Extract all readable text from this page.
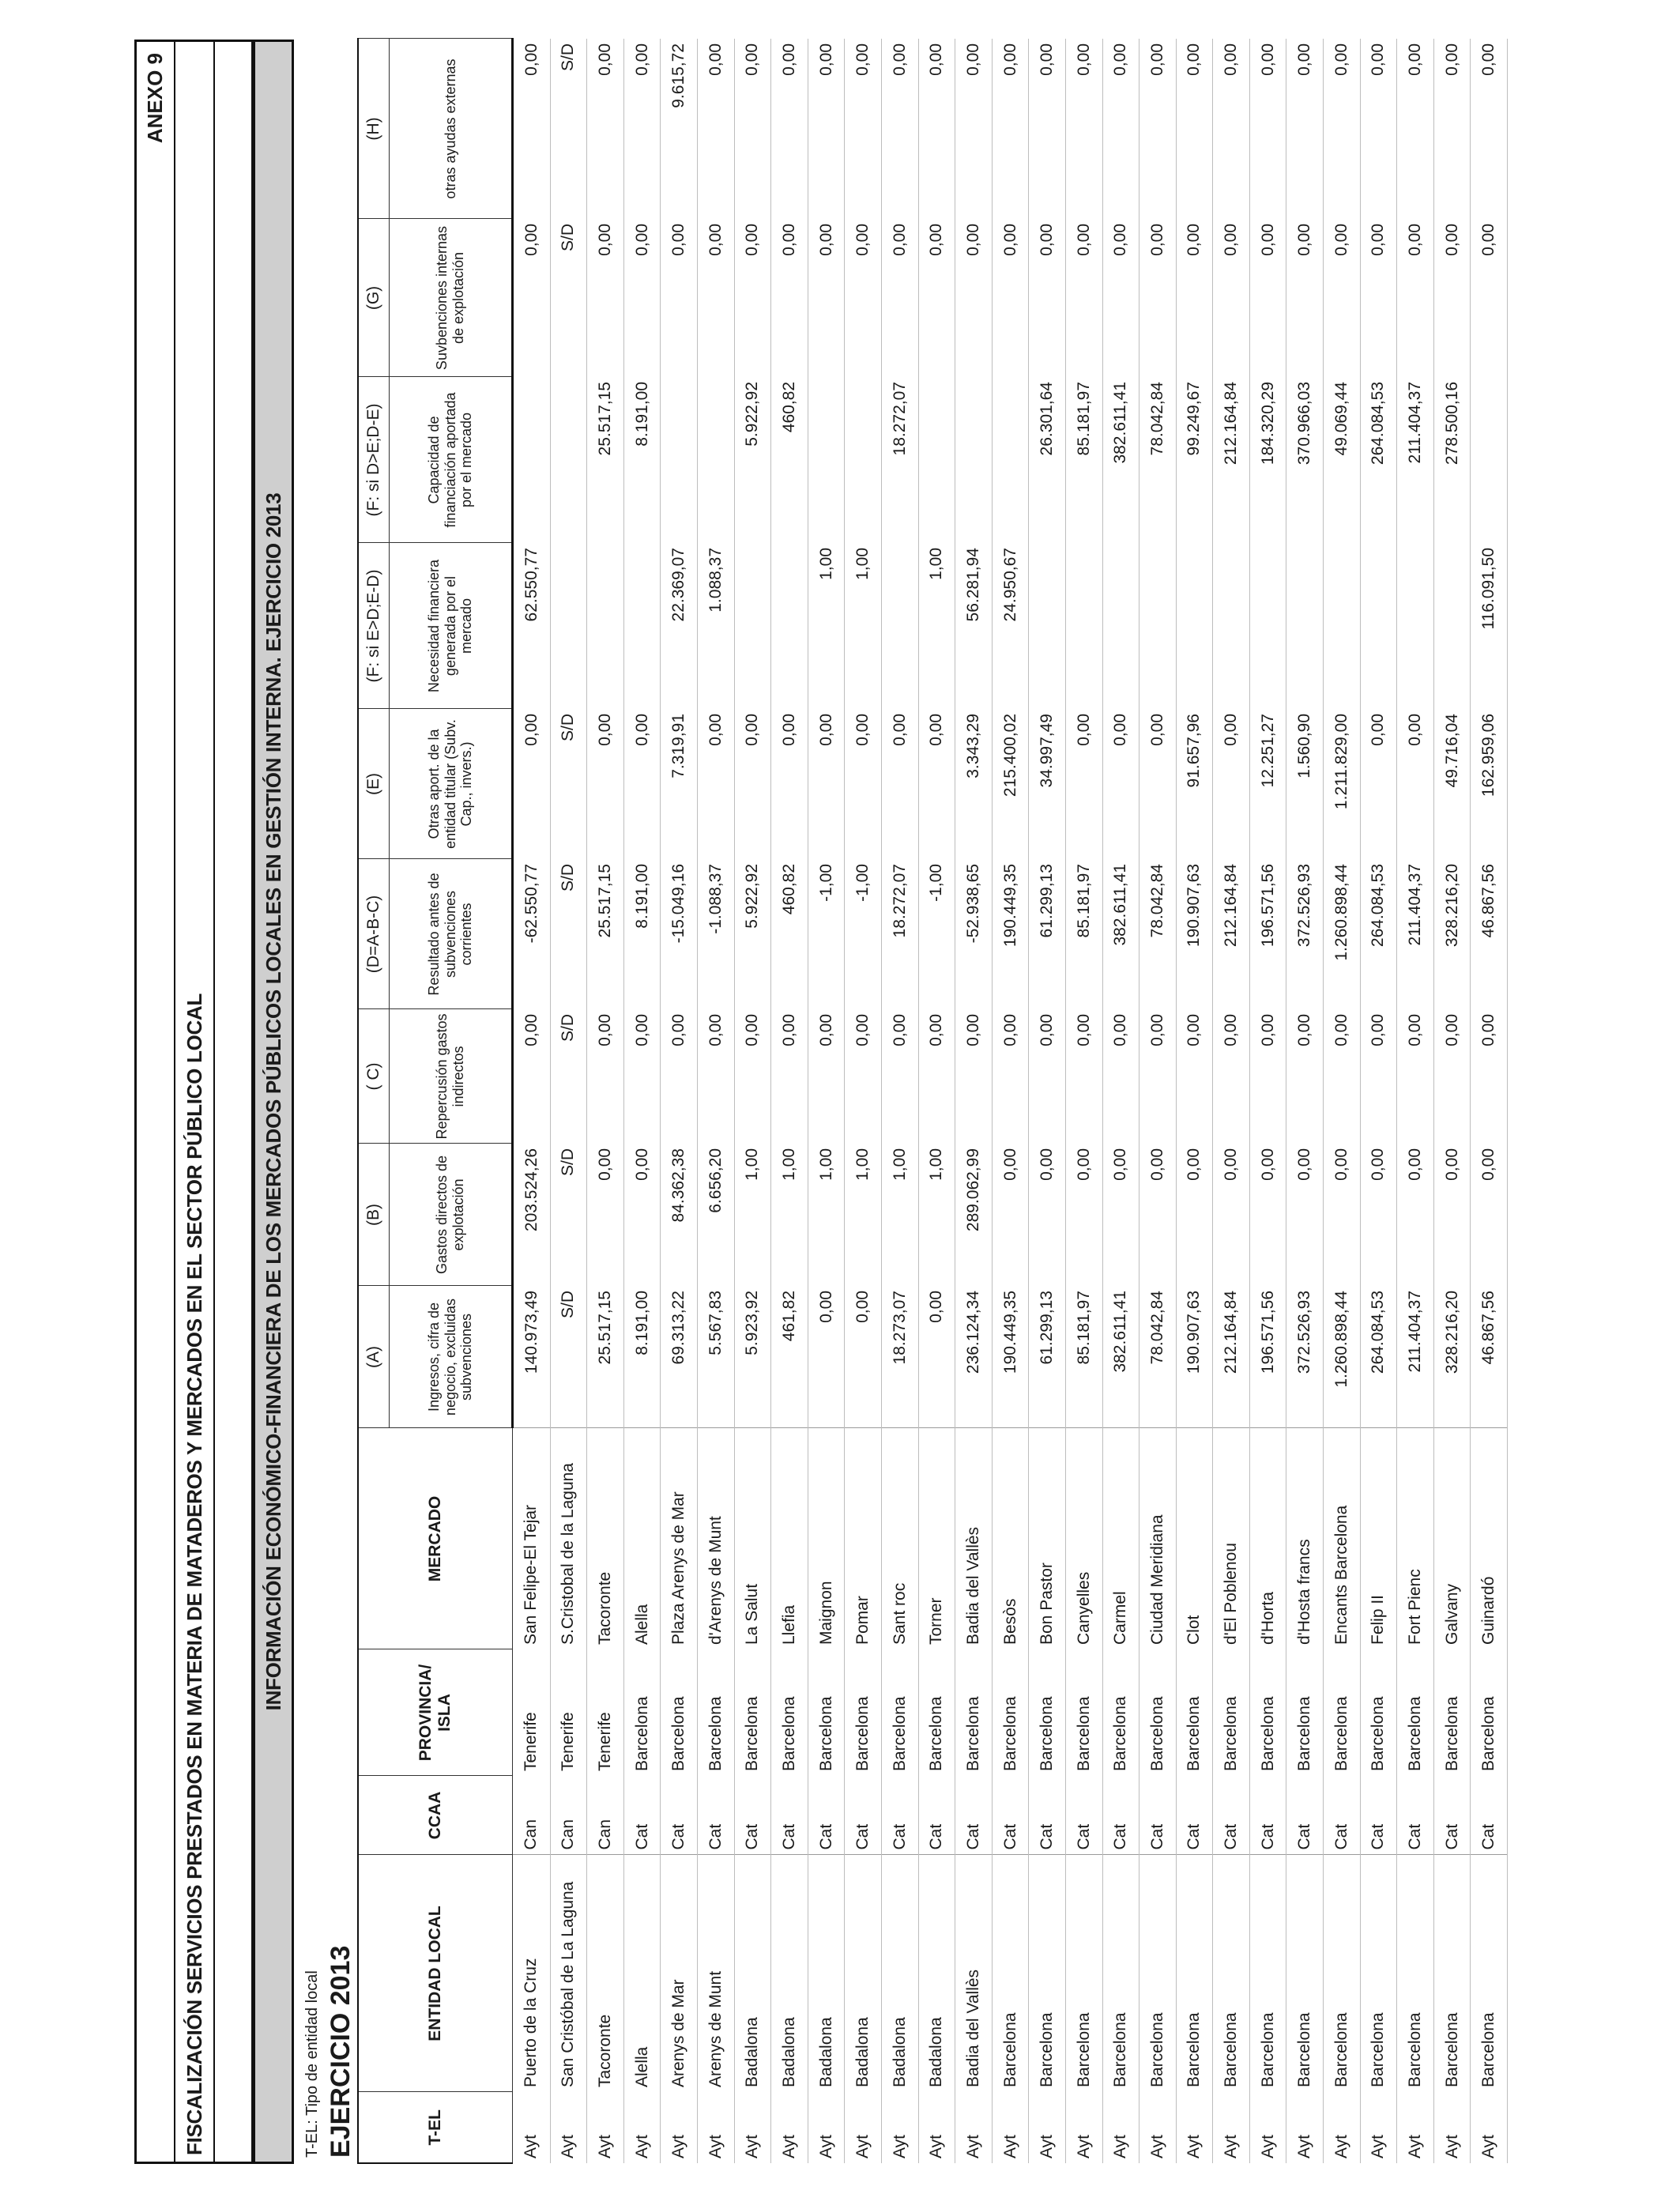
ANEXO 9
FISCALIZACIÓN SERVICIOS PRESTADOS EN MATERIA DE MATADEROS Y MERCADOS EN EL SECTOR PÚBLICO LOCAL	INFORMACIÓN ECONÓMICO-FINANCIERA DE LOS MERCADOS PÚBLICOS LOCALES EN GESTIÓN INTERNA. EJERCICIO 2013
T-EL: Tipo de entidad local EJERCICIO 2013	T-EL	ENTIDAD LOCAL	CCAA	PROVINCIA/ ISLA	MERCADO	(A)	(B)	( C)	(D=A-B-C)	(E)	(F: si E>D;E-D)	(F: si D>E;D-E)	(G)	(H)
					Ingresos, cifra de negocio, excluidas subvenciones	Gastos directos de explotación	Repercusión gastos indirectos	Resultado antes de subvenciones corrientes	Otras aport. de la entidad titular (Subv. Cap., invers.)	Necesidad financiera generada por el mercado	Capacidad de financiación aportada por el mercado	Suvbenciones internas de explotación	otras ayudas externas
Ayt	Puerto de la Cruz	Can	Tenerife	San Felipe-El Tejar	140.973,49	203.524,26	0,00	-62.550,77	0,00	62.550,77		0,00	0,00
Ayt	San Cristóbal de La Laguna	Can	Tenerife	S.Cristobal de la Laguna	S/D	S/D	S/D	S/D	S/D			S/D	S/D
Ayt	Tacoronte	Can	Tenerife	Tacoronte	25.517,15	0,00	0,00	25.517,15	0,00		25.517,15	0,00	0,00
Ayt	Alella	Cat	Barcelona	Alella	8.191,00	0,00	0,00	8.191,00	0,00		8.191,00	0,00	0,00
Ayt	Arenys de Mar	Cat	Barcelona	Plaza Arenys de Mar	69.313,22	84.362,38	0,00	-15.049,16	7.319,91	22.369,07		0,00	9.615,72
Ayt	Arenys de Munt	Cat	Barcelona	d'Arenys de Munt	5.567,83	6.656,20	0,00	-1.088,37	0,00	1.088,37		0,00	0,00
Ayt	Badalona	Cat	Barcelona	La Salut	5.923,92	1,00	0,00	5.922,92	0,00		5.922,92	0,00	0,00
Ayt	Badalona	Cat	Barcelona	Llefia	461,82	1,00	0,00	460,82	0,00		460,82	0,00	0,00
Ayt	Badalona	Cat	Barcelona	Maignon	0,00	1,00	0,00	-1,00	0,00	1,00		0,00	0,00
Ayt	Badalona	Cat	Barcelona	Pomar	0,00	1,00	0,00	-1,00	0,00	1,00		0,00	0,00
Ayt	Badalona	Cat	Barcelona	Sant roc	18.273,07	1,00	0,00	18.272,07	0,00		18.272,07	0,00	0,00
Ayt	Badalona	Cat	Barcelona	Torner	0,00	1,00	0,00	-1,00	0,00	1,00		0,00	0,00
Ayt	Badia del Vallès	Cat	Barcelona	Badia del Vallès	236.124,34	289.062,99	0,00	-52.938,65	3.343,29	56.281,94		0,00	0,00
Ayt	Barcelona	Cat	Barcelona	Besòs	190.449,35	0,00	0,00	190.449,35	215.400,02	24.950,67		0,00	0,00
Ayt	Barcelona	Cat	Barcelona	Bon Pastor	61.299,13	0,00	0,00	61.299,13	34.997,49		26.301,64	0,00	0,00
Ayt	Barcelona	Cat	Barcelona	Canyelles	85.181,97	0,00	0,00	85.181,97	0,00		85.181,97	0,00	0,00
Ayt	Barcelona	Cat	Barcelona	Carmel	382.611,41	0,00	0,00	382.611,41	0,00		382.611,41	0,00	0,00
Ayt	Barcelona	Cat	Barcelona	Ciudad Meridiana	78.042,84	0,00	0,00	78.042,84	0,00		78.042,84	0,00	0,00
Ayt	Barcelona	Cat	Barcelona	Clot	190.907,63	0,00	0,00	190.907,63	91.657,96		99.249,67	0,00	0,00
Ayt	Barcelona	Cat	Barcelona	d'El Poblenou	212.164,84	0,00	0,00	212.164,84	0,00		212.164,84	0,00	0,00
Ayt	Barcelona	Cat	Barcelona	d'Horta	196.571,56	0,00	0,00	196.571,56	12.251,27		184.320,29	0,00	0,00
Ayt	Barcelona	Cat	Barcelona	d'Hosta francs	372.526,93	0,00	0,00	372.526,93	1.560,90		370.966,03	0,00	0,00
Ayt	Barcelona	Cat	Barcelona	Encants Barcelona	1.260.898,44	0,00	0,00	1.260.898,44	1.211.829,00		49.069,44	0,00	0,00
Ayt	Barcelona	Cat	Barcelona	Felip II	264.084,53	0,00	0,00	264.084,53	0,00		264.084,53	0,00	0,00
Ayt	Barcelona	Cat	Barcelona	Fort Pienc	211.404,37	0,00	0,00	211.404,37	0,00		211.404,37	0,00	0,00
Ayt	Barcelona	Cat	Barcelona	Galvany	328.216,20	0,00	0,00	328.216,20	49.716,04		278.500,16	0,00	0,00
Ayt	Barcelona	Cat	Barcelona	Guinardó	46.867,56	0,00	0,00	46.867,56	162.959,06	116.091,50		0,00	0,00
